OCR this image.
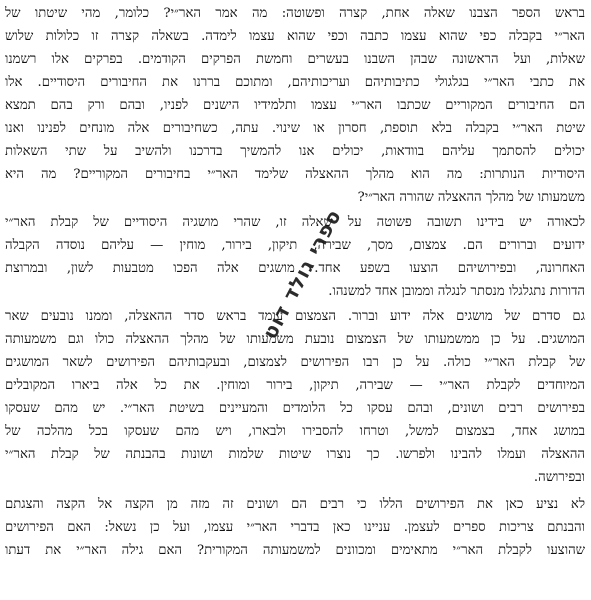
בראש הספר הצבנו שאלה אחת, קצרה ופשוטה: מה אמר האר״י? כלומר, מהי שיטתו של
האר״י בקבלה כפי שהוא עצמו כתבה וכפי שהוא עצמו לימדה. בשאלה קצרה זו כלולות שלוש
שאלות, ועל הראשונה שבהן השבנו בעשרים וחמשת הפרקים הקודמים. בפרקים אלו רשמנו
את כתבי האר״י בגלגולי כתיבותיהם ועריכותיהם, ומתוכם בררנו את החיבורים היסודיים. אלו
הם החיבורים המקוריים שכתבו האר״י עצמו ותלמידיו הישנים לפניו, ובהם ורק בהם תמצא
שיטת האר״י בקבלה בלא תוספת, חסרון או שינוי. עתה, כשחיבורים אלה מונחים לפנינו ואנו
יכולים להסתמך עליהם בוודאות, יכולים אנו להמשיך בדרכנו ולהשיב על שתי השאלות
היסודיות הנותרות: מה הוא מהלך ההאצלה שלימד האר״י בחיבורים המקוריים? מה היא
משמעותו של מהלך ההאצלה שהורה האר״י?
לכאורה יש בידינו תשובה פשוטה על שאלה זו, שהרי מושגיה היסודיים של קבלת האר״י
ידועים וברורים הם. צמצום, מסך, שבירה, תיקון, בירור, מוחין — עליהם נוסדה הקבלה
האחרונה, ובפירושיהם הוצעו בשפע אחד. מושגים אלה הפכו מטבעות לשון, ובמרוצת
הדורות נתגלגלו מנסתר לנגלה וממובן אחד למשנהו.
גם סדרם של מושגים אלה ידוע וברור. הצמצום עומד בראש סדר ההאצלה, וממנו נובעים שאר
המושגים. על כן ממשמעותו של הצמצום נובעת משמעותו של מהלך ההאצלה כולו וגם משמעותה
של קבלת האר״י כולה. על כן רבו הפירושים לצמצום, ובעקבותיהם הפירושים לשאר המושגים
המיוחדים לקבלת האר״י — שבירה, תיקון, בירור ומוחין. את כל אלה ביארו המקובלים
בפירושים רבים ושונים, ובהם עסקו כל הלומדים והמעיינים בשיטת האר״י. יש מהם שעסקו
במושג אחד, בצמצום למשל, וטרחו להסבירו ולבארו, ויש מהם שעסקו בכל מהלכה של
ההאצלה ועמלו להבינו ולפרשו. כך נוצרו שיטות שלמות ושונות בהבנתה של קבלת האר״י
ובפירושה.
לא נציע כאן את הפירושים הללו כי רבים הם ושונים זה מזה מן הקצה אל הקצה והצגתם
והבנתם צריכות ספרים לעצמן. עניינו כאן בדברי האר״י עצמו, ועל כן נשאל: האם הפירושים
שהוצעו לקבלת האר״י מתאימים ומכוונים למשמעותה המקורית? האם גילה האר״י את דעתו
ספרי גולד דוט
